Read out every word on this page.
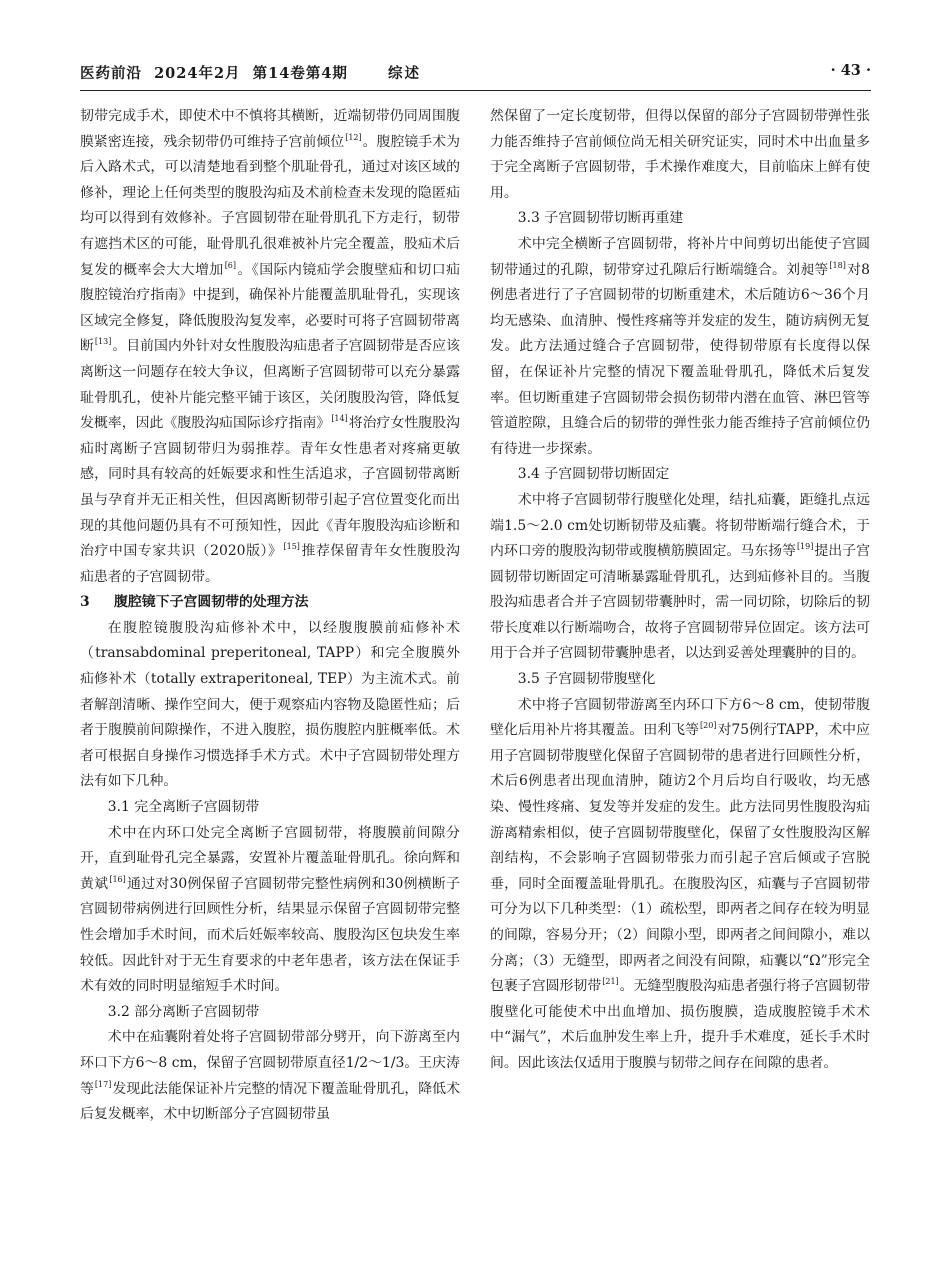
医药前沿  2024年2月  第14卷第4期	综述	· 43 ·

韧带完成手术，即使术中不慎将其横断，近端韧带仍同周围腹膜紧密连接，残余韧带仍可维持子宫前倾位[12]。腹腔镜手术为后入路术式，可以清楚地看到整个肌耻骨孔，通过对该区域的修补，理论上任何类型的腹股沟疝及术前检查未发现的隐匿疝均可以得到有效修补。子宫圆韧带在耻骨肌孔下方走行，韧带有遮挡术区的可能，耻骨肌孔很难被补片完全覆盖，股疝术后复发的概率会大大增加[6]。《国际内镜疝学会腹壁疝和切口疝腹腔镜治疗指南》中提到，确保补片能覆盖肌耻骨孔，实现该区域完全修复，降低腹股沟复发率，必要时可将子宫圆韧带离断[13]。目前国内外针对女性腹股沟疝患者子宫圆韧带是否应该离断这一问题存在较大争议，但离断子宫圆韧带可以充分暴露耻骨肌孔，使补片能完整平铺于该区，关闭腹股沟管，降低复发概率，因此《腹股沟疝国际诊疗指南》[14]将治疗女性腹股沟疝时离断子宫圆韧带归为弱推荐。青年女性患者对疼痛更敏感，同时具有较高的妊娠要求和性生活追求，子宫圆韧带离断虽与孕育并无正相关性，但因离断韧带引起子宫位置变化而出现的其他问题仍具有不可预知性，因此《青年腹股沟疝诊断和治疗中国专家共识（2020版）》[15]推荐保留青年女性腹股沟疝患者的子宫圆韧带。

3 腹腔镜下子宫圆韧带的处理方法

在腹腔镜腹股沟疝修补术中，以经腹腹膜前疝修补术（transabdominal preperitoneal, TAPP）和完全腹膜外疝修补术（totally extraperitoneal, TEP）为主流术式。前者解剖清晰、操作空间大，便于观察疝内容物及隐匿性疝；后者于腹膜前间隙操作，不进入腹腔，损伤腹腔内脏概率低。术者可根据自身操作习惯选择手术方式。术中子宫圆韧带处理方法有如下几种。

3.1 完全离断子宫圆韧带

术中在内环口处完全离断子宫圆韧带，将腹膜前间隙分开，直到耻骨孔完全暴露，安置补片覆盖耻骨肌孔。徐向辉和黄斌[16]通过对30例保留子宫圆韧带完整性病例和30例横断子宫圆韧带病例进行回顾性分析，结果显示保留子宫圆韧带完整性会增加手术时间，而术后妊娠率较高、腹股沟区包块发生率较低。因此针对于无生育要求的中老年患者，该方法在保证手术有效的同时明显缩短手术时间。

3.2 部分离断子宫圆韧带

术中在疝囊附着处将子宫圆韧带部分劈开，向下游离至内环口下方6～8 cm，保留子宫圆韧带原直径1/2～1/3。王庆涛等[17]发现此法能保证补片完整的情况下覆盖耻骨肌孔，降低术后复发概率，术中切断部分子宫圆韧带虽

然保留了一定长度韧带，但得以保留的部分子宫圆韧带弹性张力能否维持子宫前倾位尚无相关研究证实，同时术中出血量多于完全离断子宫圆韧带，手术操作难度大，目前临床上鲜有使用。

3.3 子宫圆韧带切断再重建

术中完全横断子宫圆韧带，将补片中间剪切出能使子宫圆韧带通过的孔隙，韧带穿过孔隙后行断端缝合。刘昶等[18]对8例患者进行了子宫圆韧带的切断重建术，术后随访6～36个月均无感染、血清肿、慢性疼痛等并发症的发生，随访病例无复发。此方法通过缝合子宫圆韧带，使得韧带原有长度得以保留，在保证补片完整的情况下覆盖耻骨肌孔，降低术后复发率。但切断重建子宫圆韧带会损伤韧带内潜在血管、淋巴管等管道腔隙，且缝合后的韧带的弹性张力能否维持子宫前倾位仍有待进一步探索。

3.4 子宫圆韧带切断固定

术中将子宫圆韧带行腹壁化处理，结扎疝囊，距缝扎点远端1.5～2.0 cm处切断韧带及疝囊。将韧带断端行缝合术，于内环口旁的腹股沟韧带或腹横筋膜固定。马东扬等[19]提出子宫圆韧带切断固定可清晰暴露耻骨肌孔，达到疝修补目的。当腹股沟疝患者合并子宫圆韧带囊肿时，需一同切除，切除后的韧带长度难以行断端吻合，故将子宫圆韧带异位固定。该方法可用于合并子宫圆韧带囊肿患者，以达到妥善处理囊肿的目的。

3.5 子宫圆韧带腹壁化

术中将子宫圆韧带游离至内环口下方6～8 cm，使韧带腹壁化后用补片将其覆盖。田利飞等[20]对75例行TAPP，术中应用子宫圆韧带腹壁化保留子宫圆韧带的患者进行回顾性分析，术后6例患者出现血清肿，随访2个月后均自行吸收，均无感染、慢性疼痛、复发等并发症的发生。此方法同男性腹股沟疝游离精索相似，使子宫圆韧带腹壁化，保留了女性腹股沟区解剖结构，不会影响子宫圆韧带张力而引起子宫后倾或子宫脱垂，同时全面覆盖耻骨肌孔。在腹股沟区，疝囊与子宫圆韧带可分为以下几种类型：（1）疏松型，即两者之间存在较为明显的间隙，容易分开；（2）间隙小型，即两者之间间隙小，难以分离；（3）无缝型，即两者之间没有间隙，疝囊以“Ω”形完全包裹子宫圆形韧带[21]。无缝型腹股沟疝患者强行将子宫圆韧带腹壁化可能使术中出血增加、损伤腹膜，造成腹腔镜手术术中“漏气”，术后血肿发生率上升，提升手术难度，延长手术时间。因此该法仅适用于腹膜与韧带之间存在间隙的患者。
